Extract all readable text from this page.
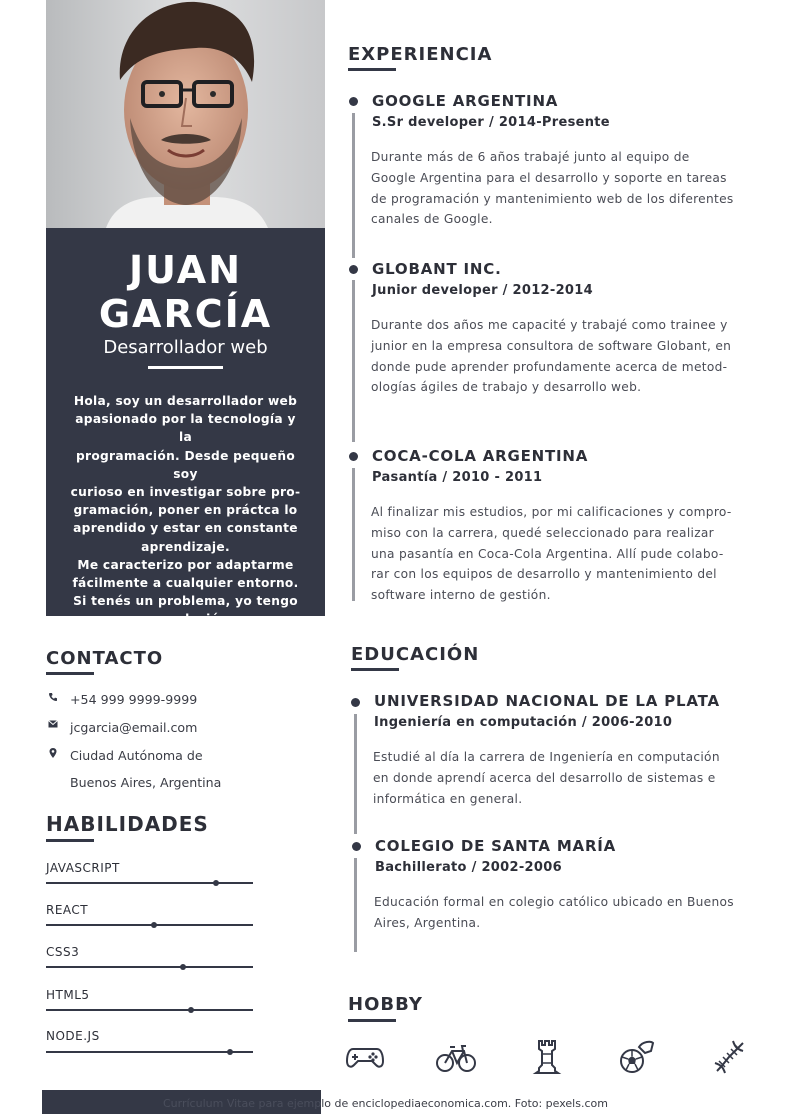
JUAN
GARCÍA
Desarrollador web
Hola, soy un desarrollador web
apasionado por la tecnología y la
programación. Desde pequeño soy
curioso en investigar sobre pro-
gramación, poner en práctca lo
aprendido y estar en constante
aprendizaje.
Me caracterizo por adaptarme
fácilmente a cualquier entorno.
Si tenés un problema, yo tengo
una solución.
CONTACTO
+54 999 9999-9999
jcgarcia@email.com
Ciudad Autónoma de
Buenos Aires, Argentina
HABILIDADES
JAVASCRIPT
REACT
CSS3
HTML5
NODE.JS
Currículum Vitae para ejemplo de enciclopediaeconomica.com. Foto: pexels.com
EXPERIENCIA
GOOGLE ARGENTINA
S.Sr developer / 2014-Presente
Durante más de 6 años trabajé junto al equipo de
Google Argentina para el desarrollo y soporte en tareas
de programación y mantenimiento web de los diferentes
canales de Google.
GLOBANT INC.
Junior developer / 2012-2014
Durante dos años me capacité y trabajé como trainee y
junior en la empresa consultora de software Globant, en
donde pude aprender profundamente acerca de metod-
ologías ágiles de trabajo y desarrollo web.
COCA-COLA ARGENTINA
Pasantía / 2010 - 2011
Al finalizar mis estudios, por mi calificaciones y compro-
miso con la carrera, quedé seleccionado para realizar
una pasantía en Coca-Cola Argentina. Allí pude colabo-
rar con los equipos de desarrollo y mantenimiento del
software interno de gestión.
EDUCACIÓN
UNIVERSIDAD NACIONAL DE LA PLATA
Ingeniería en computación / 2006-2010
Estudié al día la carrera de Ingeniería en computación
en donde aprendí acerca del desarrollo de sistemas e
informática en general.
COLEGIO DE SANTA MARÍA
Bachillerato / 2002-2006
Educación formal en colegio católico ubicado en Buenos
Aires, Argentina.
HOBBY
